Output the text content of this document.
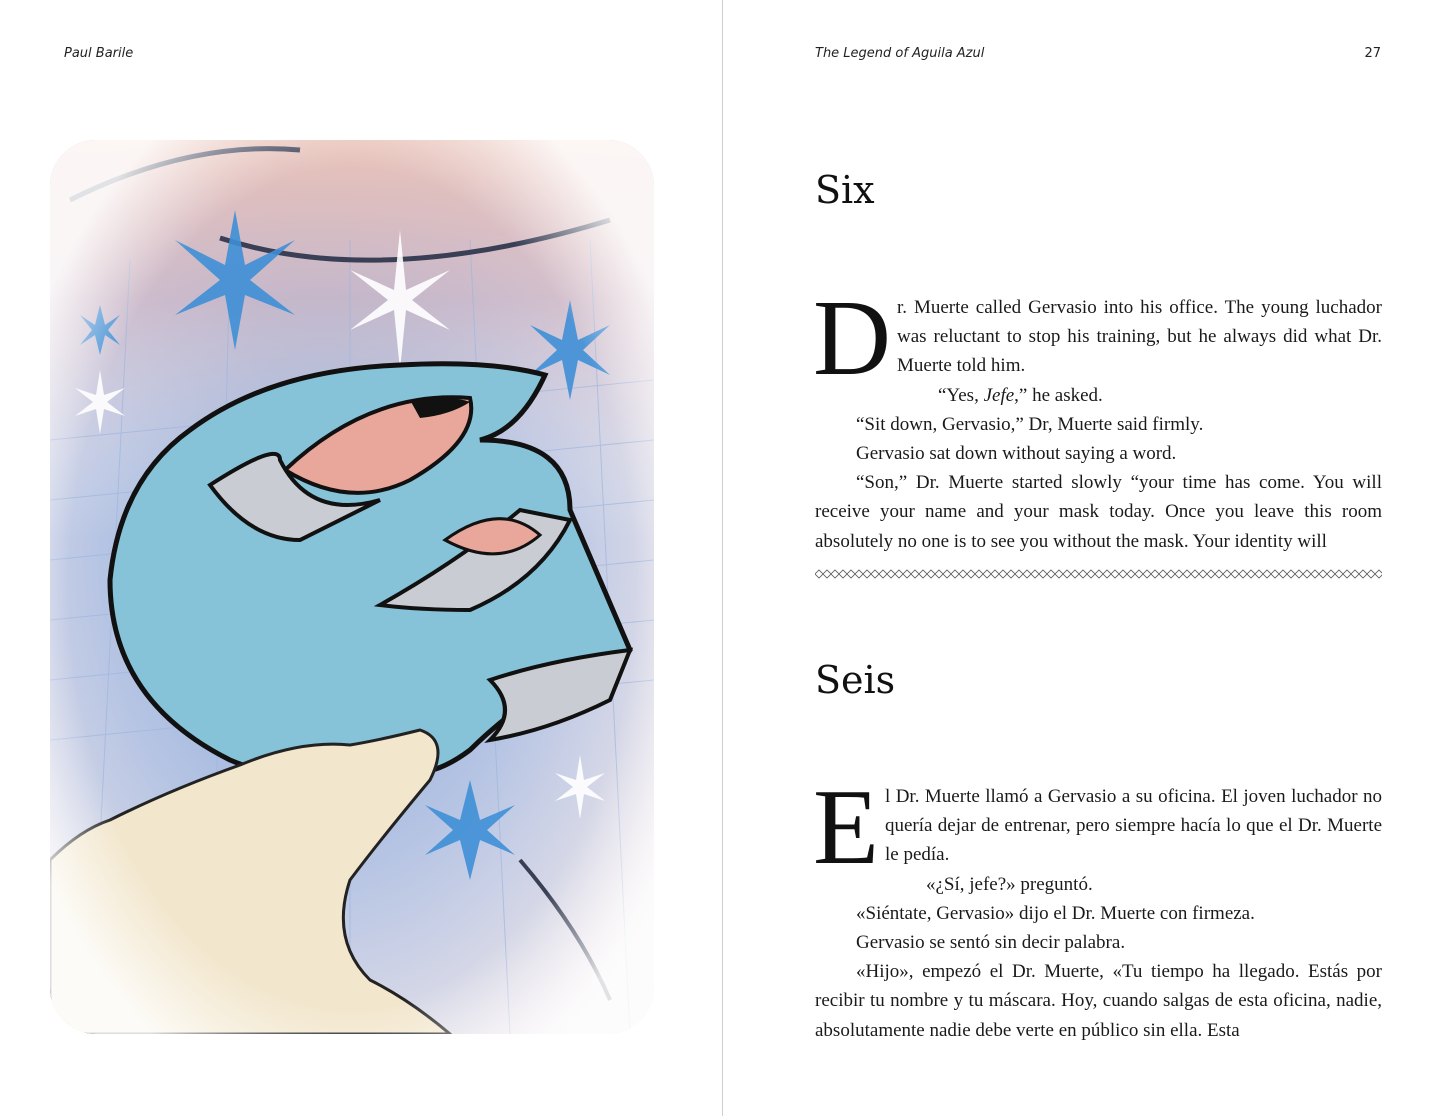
Paul Barile	The Legend of Aguila Azul	27
Six

Dr. Muerte called Gervasio into his office. The young luchador was reluctant to stop his training, but he always did what Dr. Muerte told him.

“Yes, Jefe,” he asked.

“Sit down, Gervasio,” Dr, Muerte said firmly.

Gervasio sat down without saying a word.

“Son,” Dr. Muerte started slowly “your time has come. You will receive your name and your mask today. Once you leave this room absolutely no one is to see you without the mask. Your identity will

Seis

El Dr. Muerte llamó a Gervasio a su oficina. El joven luchador no quería dejar de entrenar, pero siempre hacía lo que el Dr. Muerte le pedía.

«¿Sí, jefe?» preguntó.

«Siéntate, Gervasio» dijo el Dr. Muerte con firmeza.

Gervasio se sentó sin decir palabra.

«Hijo», empezó el Dr. Muerte, «Tu tiempo ha llegado. Estás por recibir tu nombre y tu máscara. Hoy, cuando salgas de esta oficina, nadie, absolutamente nadie debe verte en público sin ella. Esta
